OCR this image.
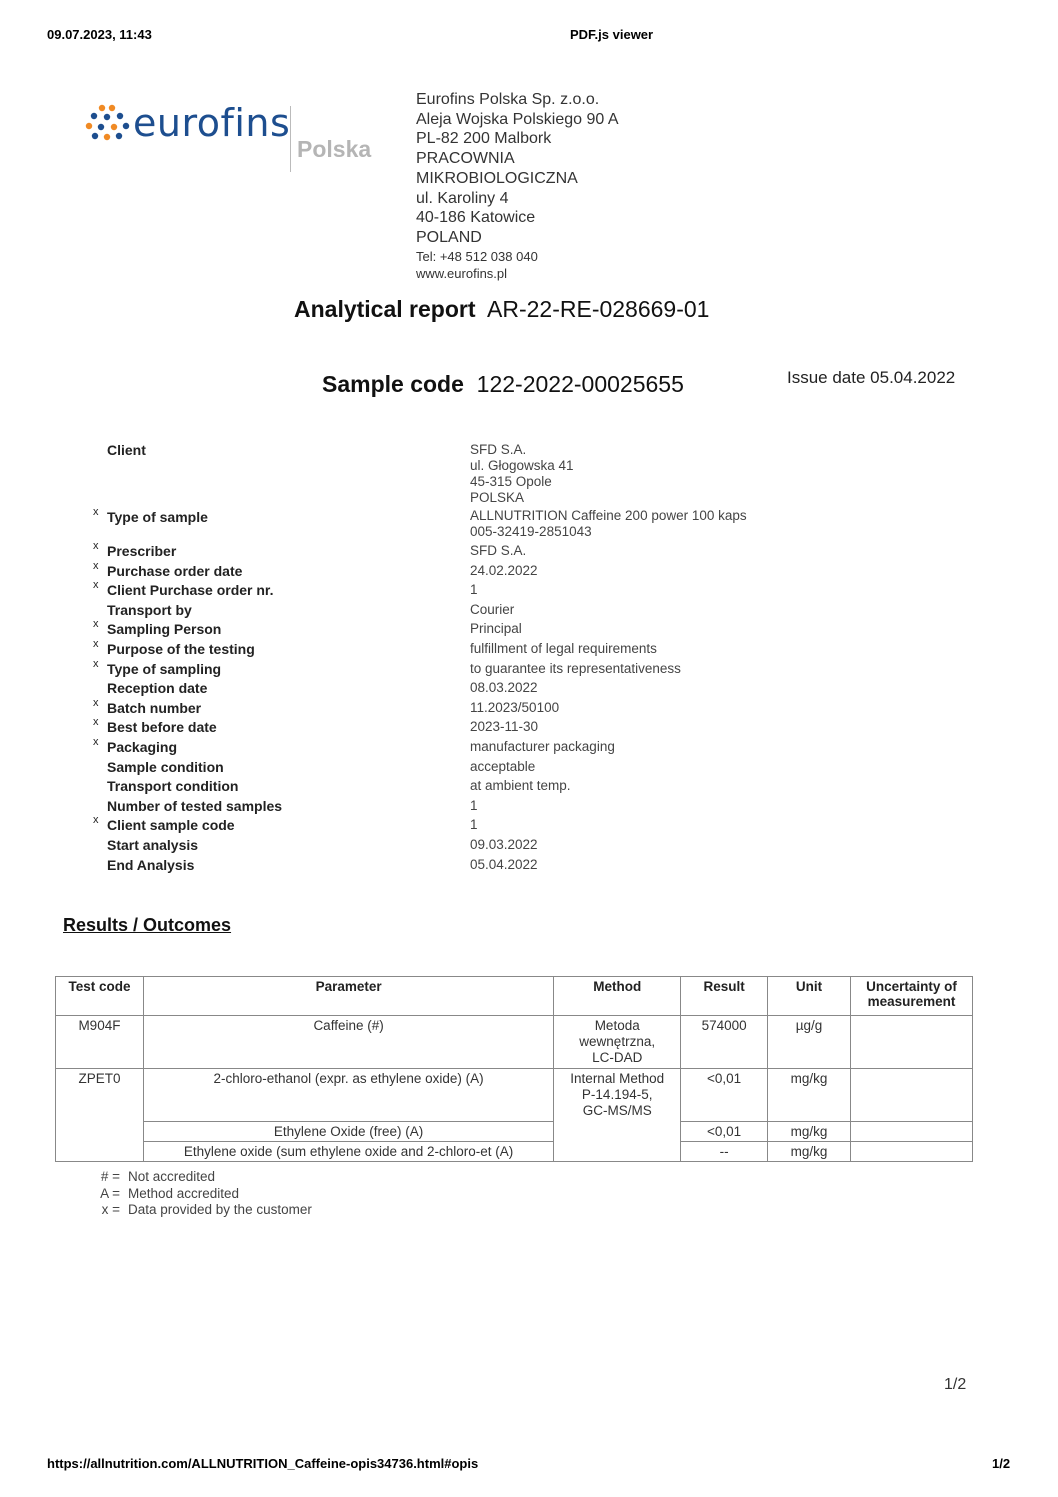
09.07.2023, 11:43	PDF.js viewer
eurofins
Polska
Eurofins Polska Sp. z.o.o.
Aleja Wojska Polskiego 90 A
PL-82 200 Malbork
PRACOWNIA
MIKROBIOLOGICZNA
ul. Karoliny 4
40-186 Katowice
POLAND
Tel: +48 512 038 040
www.eurofins.pl
Analytical report AR-22-RE-028669-01
Sample code 122-2022-00025655	Issue date 05.04.2022
Client	SFD S.A.
ul. Głogowska 41
45-315 Opole
POLSKA
x Type of sample	ALLNUTRITION Caffeine 200 power 100 kaps
005-32419-2851043
x Prescriber	SFD S.A.
x Purchase order date	24.02.2022
x Client Purchase order nr.	1
Transport by	Courier
x Sampling Person	Principal
x Purpose of the testing	fulfillment of legal requirements
x Type of sampling	to guarantee its representativeness
Reception date	08.03.2022
x Batch number	11.2023/50100
x Best before date	2023-11-30
x Packaging	manufacturer packaging
Sample condition	acceptable
Transport condition	at ambient temp.
Number of tested samples	1
x Client sample code	1
Start analysis	09.03.2022
End Analysis	05.04.2022
Results / Outcomes
Test code	Parameter	Method	Result	Unit	Uncertainty of measurement
M904F	Caffeine (#)	Metoda
wewnętrzna,
LC-DAD	574000	µg/g	
ZPET0	2-chloro-ethanol (expr. as ethylene oxide) (A)	Internal Method
P-14.194-5,
GC-MS/MS	<0,01	mg/kg	
	Ethylene Oxide (free) (A)		<0,01	mg/kg	
	Ethylene oxide (sum ethylene oxide and 2-chloro-et (A)		--	mg/kg	
# = Not accredited
A = Method accredited
x = Data provided by the customer
1/2
https://allnutrition.com/ALLNUTRITION_Caffeine-opis34736.html#opis	1/2
